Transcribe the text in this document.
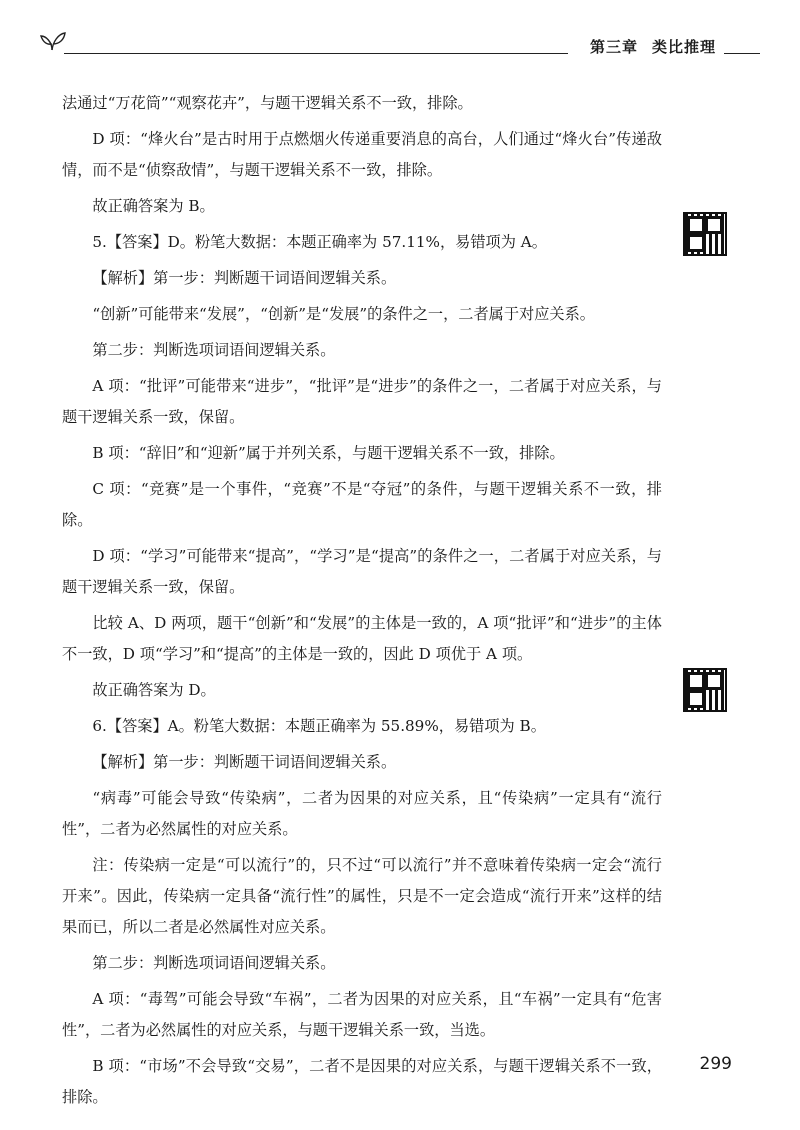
第三章 类比推理

法通过“万花筒”“观察花卉”，与题干逻辑关系不一致，排除。

D 项：“烽火台”是古时用于点燃烟火传递重要消息的高台，人们通过“烽火台”传递敌情，而不是“侦察敌情”，与题干逻辑关系不一致，排除。

故正确答案为 B。

5.【答案】D。粉笔大数据：本题正确率为 57.11%，易错项为 A。

【解析】第一步：判断题干词语间逻辑关系。

“创新”可能带来“发展”，“创新”是“发展”的条件之一，二者属于对应关系。

第二步：判断选项词语间逻辑关系。

A 项：“批评”可能带来“进步”，“批评”是“进步”的条件之一，二者属于对应关系，与题干逻辑关系一致，保留。

B 项：“辞旧”和“迎新”属于并列关系，与题干逻辑关系不一致，排除。

C 项：“竞赛”是一个事件，“竞赛”不是“夺冠”的条件，与题干逻辑关系不一致，排除。

D 项：“学习”可能带来“提高”，“学习”是“提高”的条件之一，二者属于对应关系，与题干逻辑关系一致，保留。

比较 A、D 两项，题干“创新”和“发展”的主体是一致的，A 项“批评”和“进步”的主体不一致，D 项“学习”和“提高”的主体是一致的，因此 D 项优于 A 项。

故正确答案为 D。

6.【答案】A。粉笔大数据：本题正确率为 55.89%，易错项为 B。

【解析】第一步：判断题干词语间逻辑关系。

“病毒”可能会导致“传染病”，二者为因果的对应关系，且“传染病”一定具有“流行性”，二者为必然属性的对应关系。

注：传染病一定是“可以流行”的，只不过“可以流行”并不意味着传染病一定会“流行开来”。因此，传染病一定具备“流行性”的属性，只是不一定会造成“流行开来”这样的结果而已，所以二者是必然属性对应关系。

第二步：判断选项词语间逻辑关系。

A 项：“毒驾”可能会导致“车祸”，二者为因果的对应关系，且“车祸”一定具有“危害性”，二者为必然属性的对应关系，与题干逻辑关系一致，当选。

B 项：“市场”不会导致“交易”，二者不是因果的对应关系，与题干逻辑关系不一致，排除。

299
